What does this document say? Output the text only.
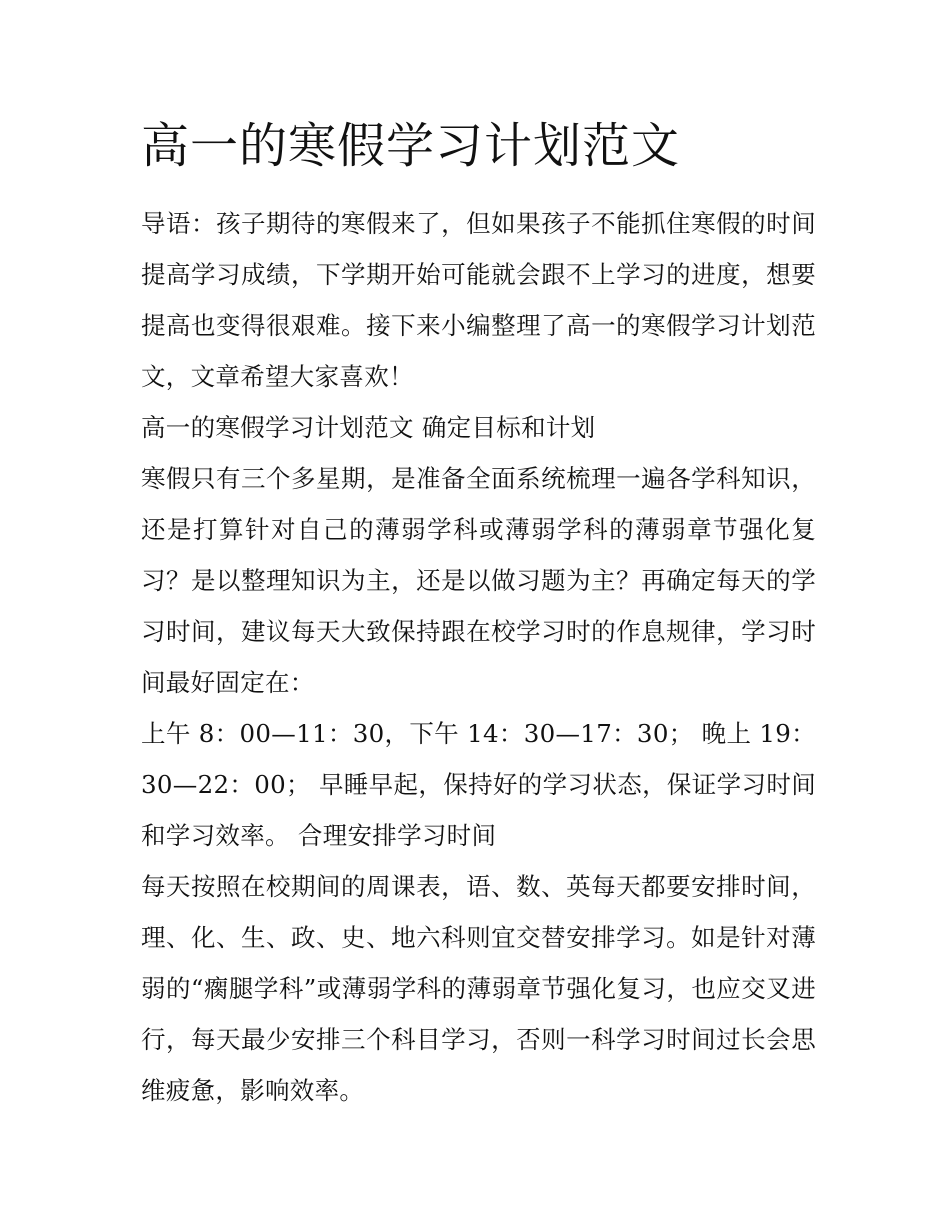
高一的寒假学习计划范文

导语：孩子期待的寒假来了，但如果孩子不能抓住寒假的时间提高学习成绩，下学期开始可能就会跟不上学习的进度，想要提高也变得很艰难。接下来小编整理了高一的寒假学习计划范文，文章希望大家喜欢！

高一的寒假学习计划范文 确定目标和计划

寒假只有三个多星期，是准备全面系统梳理一遍各学科知识，还是打算针对自己的薄弱学科或薄弱学科的薄弱章节强化复习？是以整理知识为主，还是以做习题为主？再确定每天的学习时间，建议每天大致保持跟在校学习时的作息规律，学习时间最好固定在：

上午 8：00—11：30，下午 14：30—17：30； 晚上 19：30—22：00； 早睡早起，保持好的学习状态，保证学习时间和学习效率。 合理安排学习时间

每天按照在校期间的周课表，语、数、英每天都要安排时间，理、化、生、政、史、地六科则宜交替安排学习。如是针对薄弱的“瘸腿学科”或薄弱学科的薄弱章节强化复习，也应交叉进行，每天最少安排三个科目学习，否则一科学习时间过长会思维疲惫，影响效率。
